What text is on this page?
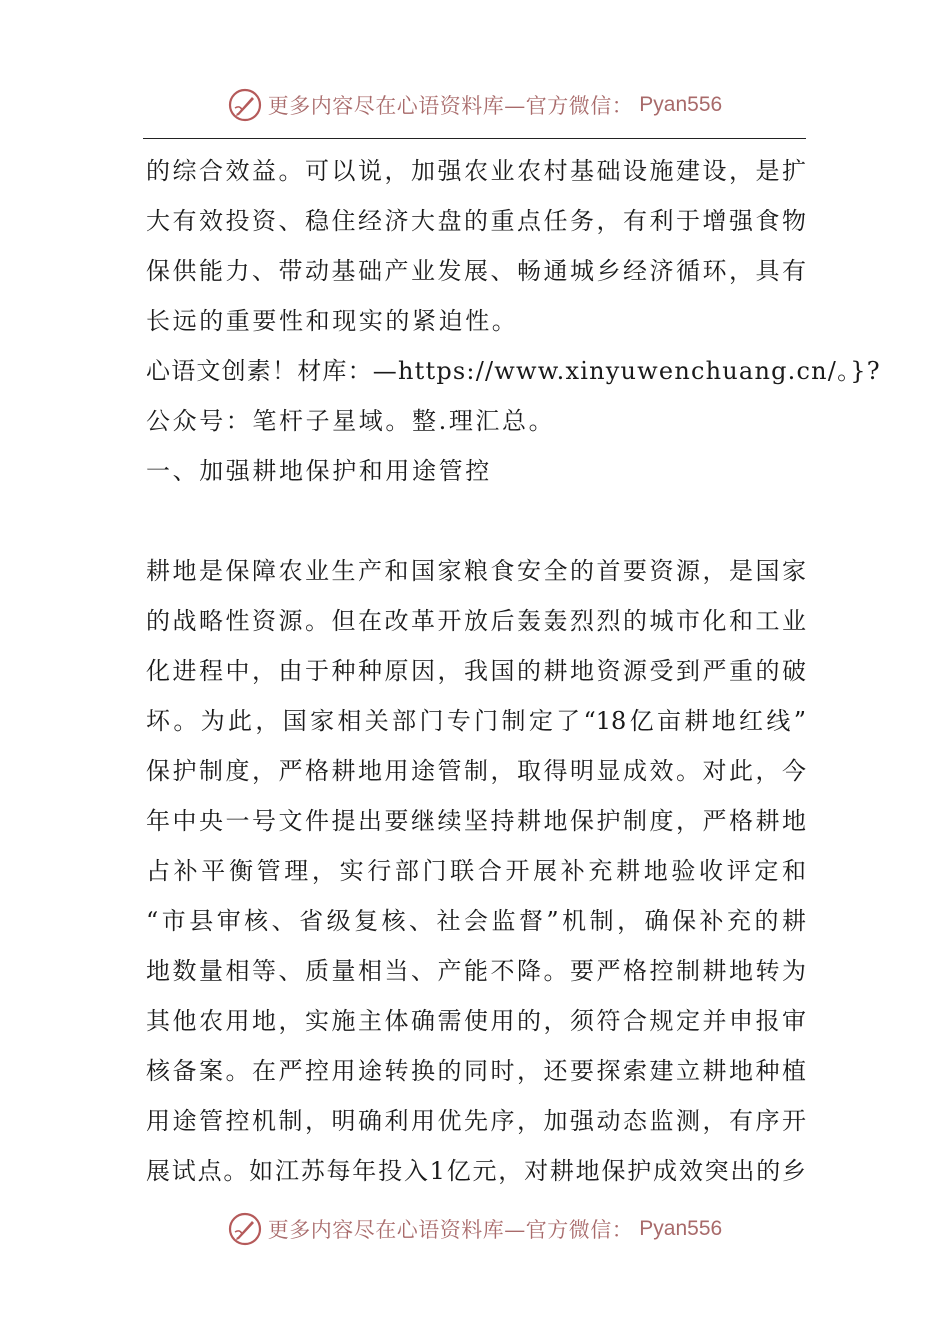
更多内容尽在心语资料库—官方微信： Pyan556
的综合效益。可以说，加强农业农村基础设施建设，是扩
大有效投资、稳住经济大盘的重点任务，有利于增强食物
保供能力、带动基础产业发展、畅通城乡经济循环，具有
长远的重要性和现实的紧迫性。
心语文创素！材库：—https://www.xinyuwenchuang.cn/。}?
公众号：笔杆子星域。整.理汇总。
一、加强耕地保护和用途管控
耕地是保障农业生产和国家粮食安全的首要资源，是国家
的战略性资源。但在改革开放后轰轰烈烈的城市化和工业
化进程中，由于种种原因，我国的耕地资源受到严重的破
坏。为此，国家相关部门专门制定了“18亿亩耕地红线”
保护制度，严格耕地用途管制，取得明显成效。对此，今
年中央一号文件提出要继续坚持耕地保护制度，严格耕地
占补平衡管理，实行部门联合开展补充耕地验收评定和
“市县审核、省级复核、社会监督”机制，确保补充的耕
地数量相等、质量相当、产能不降。要严格控制耕地转为
其他农用地，实施主体确需使用的，须符合规定并申报审
核备案。在严控用途转换的同时，还要探索建立耕地种植
用途管控机制，明确利用优先序，加强动态监测，有序开
展试点。如江苏每年投入1亿元，对耕地保护成效突出的乡
更多内容尽在心语资料库—官方微信： Pyan556
